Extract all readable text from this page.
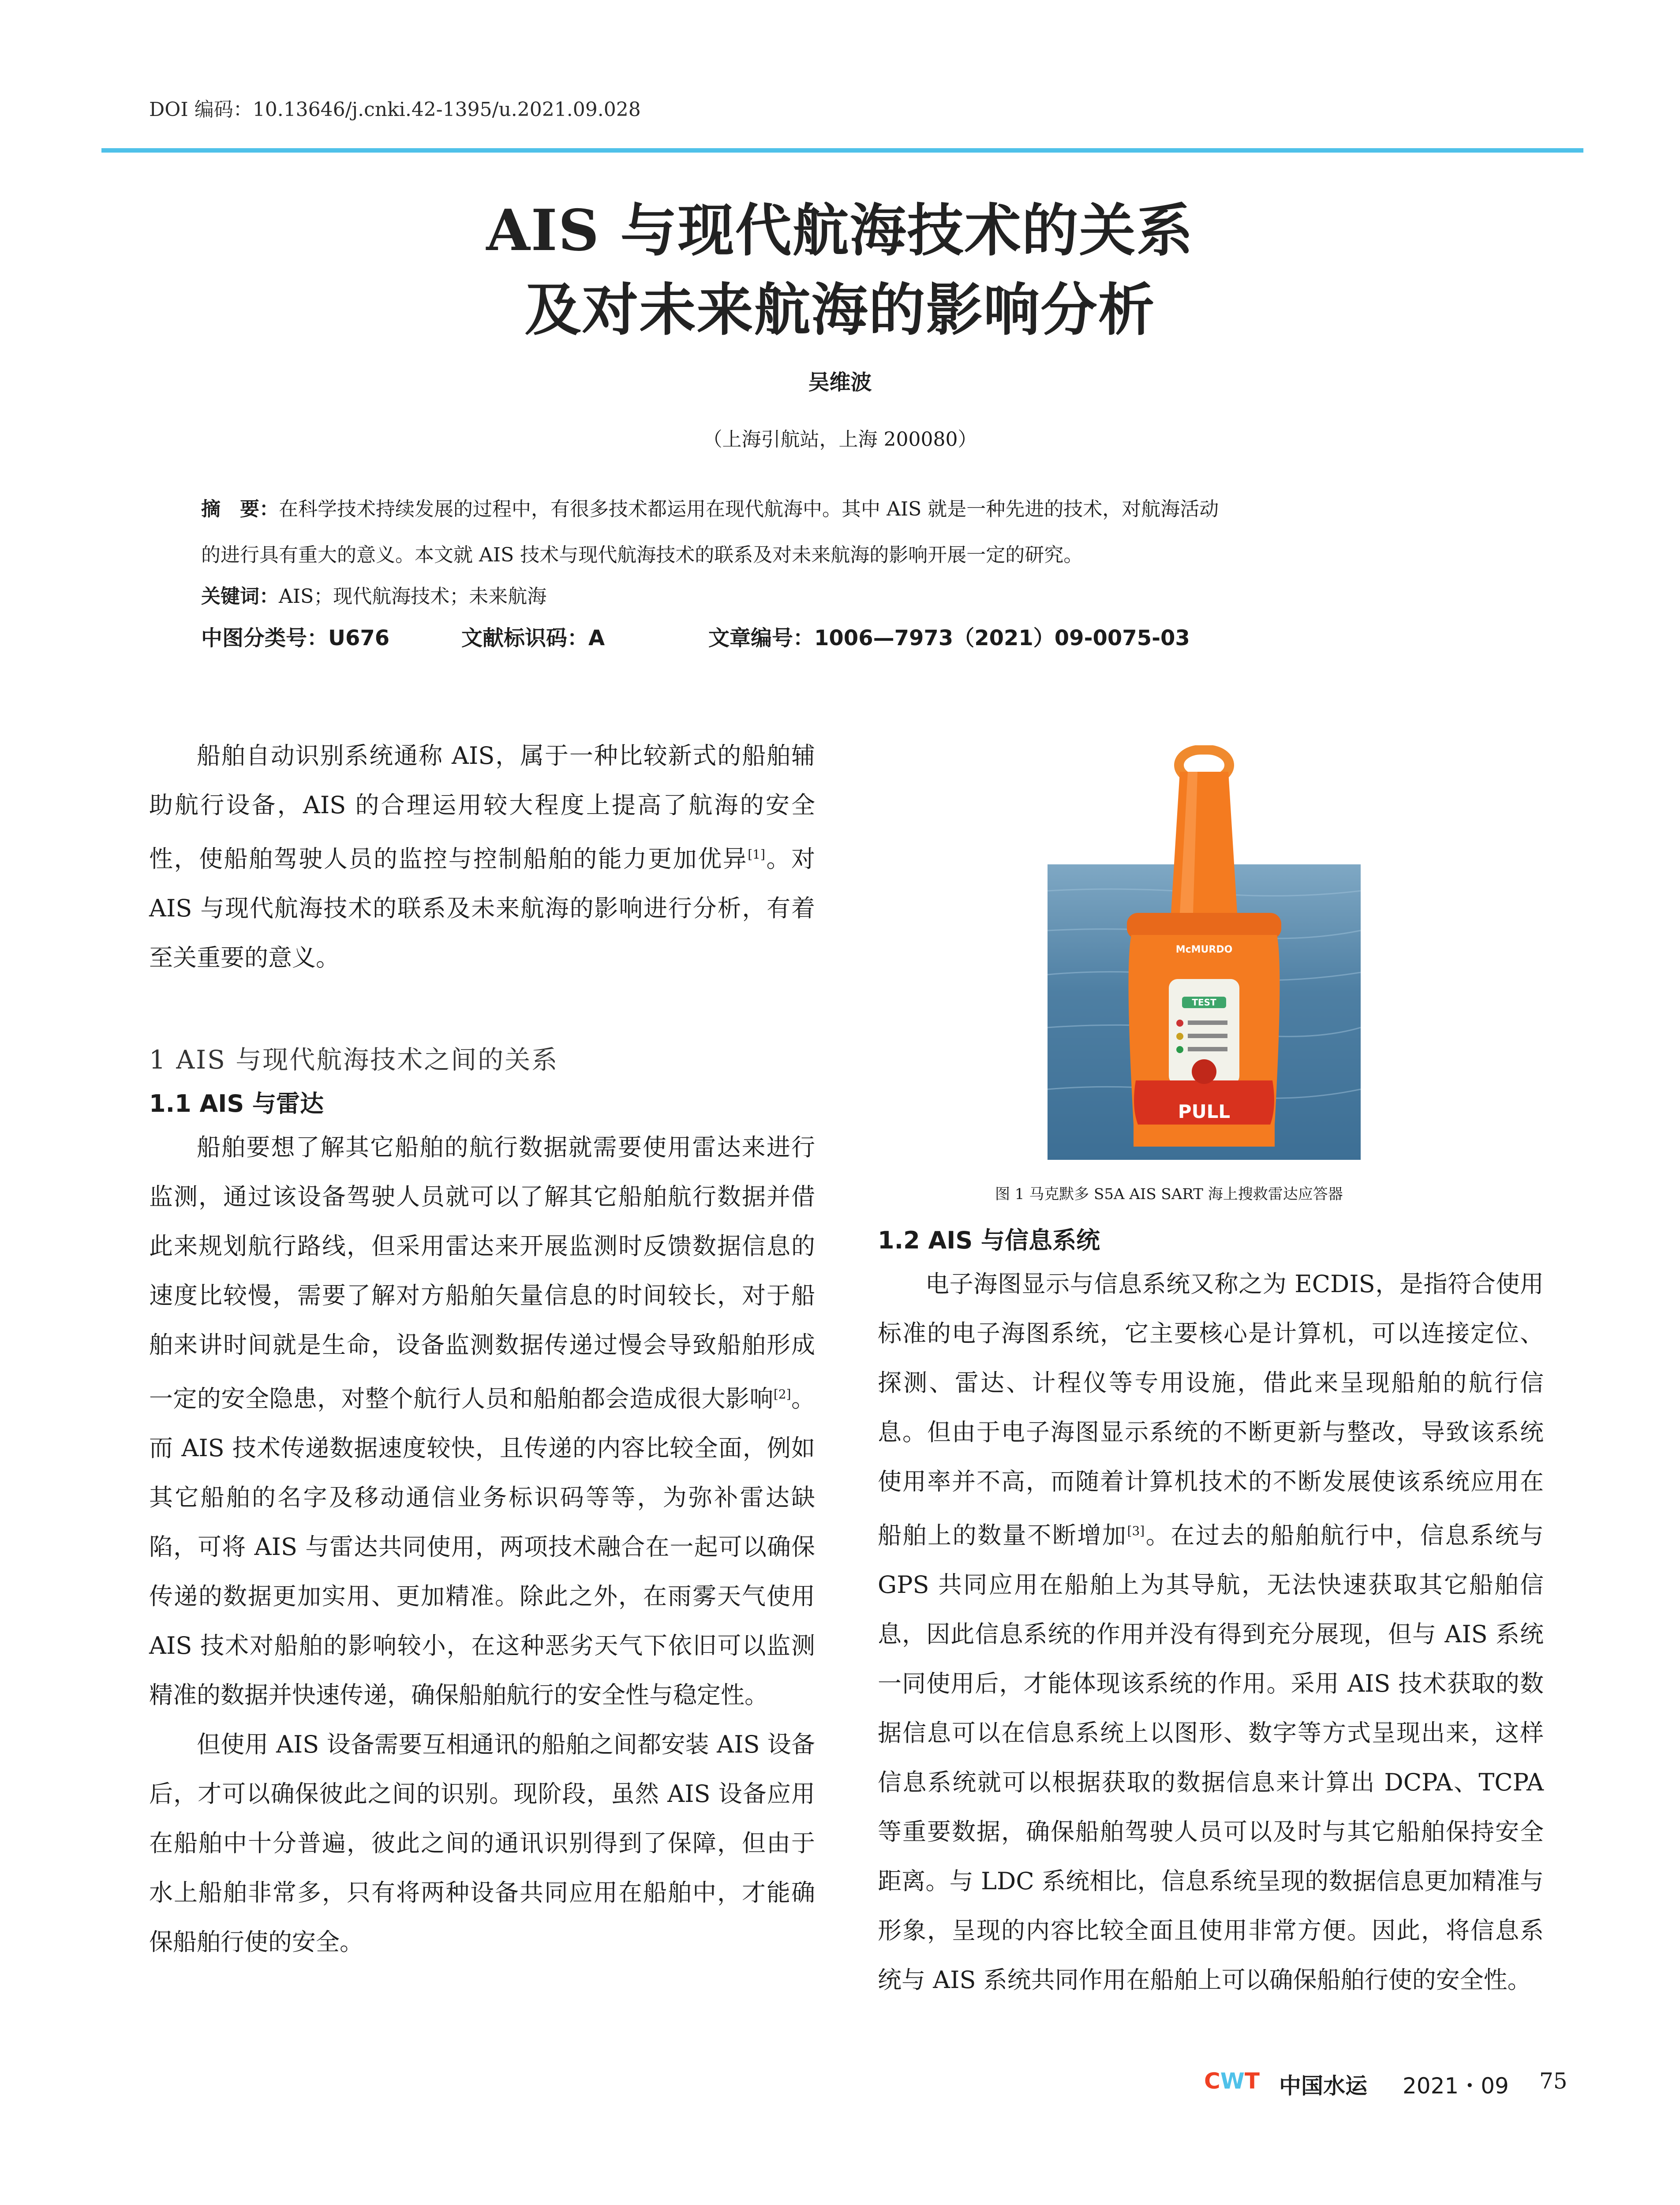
DOI 编码：10.13646/j.cnki.42-1395/u.2021.09.028
AIS 与现代航海技术的关系
及对未来航海的影响分析
吴维波
（上海引航站，上海 200080）
摘　要：在科学技术持续发展的过程中，有很多技术都运用在现代航海中。其中 AIS 就是一种先进的技术，对航海活动
的进行具有重大的意义。本文就 AIS 技术与现代航海技术的联系及对未来航海的影响开展一定的研究。
关键词：AIS；现代航海技术；未来航海
中图分类号：U676	文献标识码：A	文章编号：1006—7973（2021）09-0075-03

船舶自动识别系统通称 AIS，属于一种比较新式的船舶辅助航行设备，AIS 的合理运用较大程度上提高了航海的安全性，使船舶驾驶人员的监控与控制船舶的能力更加优异[1]。对 AIS 与现代航海技术的联系及未来航海的影响进行分析，有着至关重要的意义。

1 AIS 与现代航海技术之间的关系
1.1 AIS 与雷达

船舶要想了解其它船舶的航行数据就需要使用雷达来进行监测，通过该设备驾驶人员就可以了解其它船舶航行数据并借此来规划航行路线，但采用雷达来开展监测时反馈数据信息的速度比较慢，需要了解对方船舶矢量信息的时间较长，对于船舶来讲时间就是生命，设备监测数据传递过慢会导致船舶形成一定的安全隐患，对整个航行人员和船舶都会造成很大影响[2]。而 AIS 技术传递数据速度较快，且传递的内容比较全面，例如其它船舶的名字及移动通信业务标识码等等，为弥补雷达缺陷，可将 AIS 与雷达共同使用，两项技术融合在一起可以确保传递的数据更加实用、更加精准。除此之外，在雨雾天气使用 AIS 技术对船舶的影响较小，在这种恶劣天气下依旧可以监测精准的数据并快速传递，确保船舶航行的安全性与稳定性。

但使用 AIS 设备需要互相通讯的船舶之间都安装 AIS 设备后，才可以确保彼此之间的识别。现阶段，虽然 AIS 设备应用在船舶中十分普遍，彼此之间的通讯识别得到了保障，但由于水上船舶非常多，只有将两种设备共同应用在船舶中，才能确保船舶行使的安全。

McMURDO
TEST
PULL
图 1 马克默多 S5A AIS SART 海上搜救雷达应答器
1.2 AIS 与信息系统

电子海图显示与信息系统又称之为 ECDIS，是指符合使用标准的电子海图系统，它主要核心是计算机，可以连接定位、探测、雷达、计程仪等专用设施，借此来呈现船舶的航行信息。但由于电子海图显示系统的不断更新与整改，导致该系统使用率并不高，而随着计算机技术的不断发展使该系统应用在船舶上的数量不断增加[3]。在过去的船舶航行中，信息系统与 GPS 共同应用在船舶上为其导航，无法快速获取其它船舶信息，因此信息系统的作用并没有得到充分展现，但与 AIS 系统一同使用后，才能体现该系统的作用。采用 AIS 技术获取的数据信息可以在信息系统上以图形、数字等方式呈现出来，这样信息系统就可以根据获取的数据信息来计算出 DCPA、TCPA 等重要数据，确保船舶驾驶人员可以及时与其它船舶保持安全距离。与 LDC 系统相比，信息系统呈现的数据信息更加精准与形象，呈现的内容比较全面且使用非常方便。因此，将信息系统与 AIS 系统共同作用在船舶上可以确保船舶行使的安全性。

CWT 中国水运 2021・09 75
